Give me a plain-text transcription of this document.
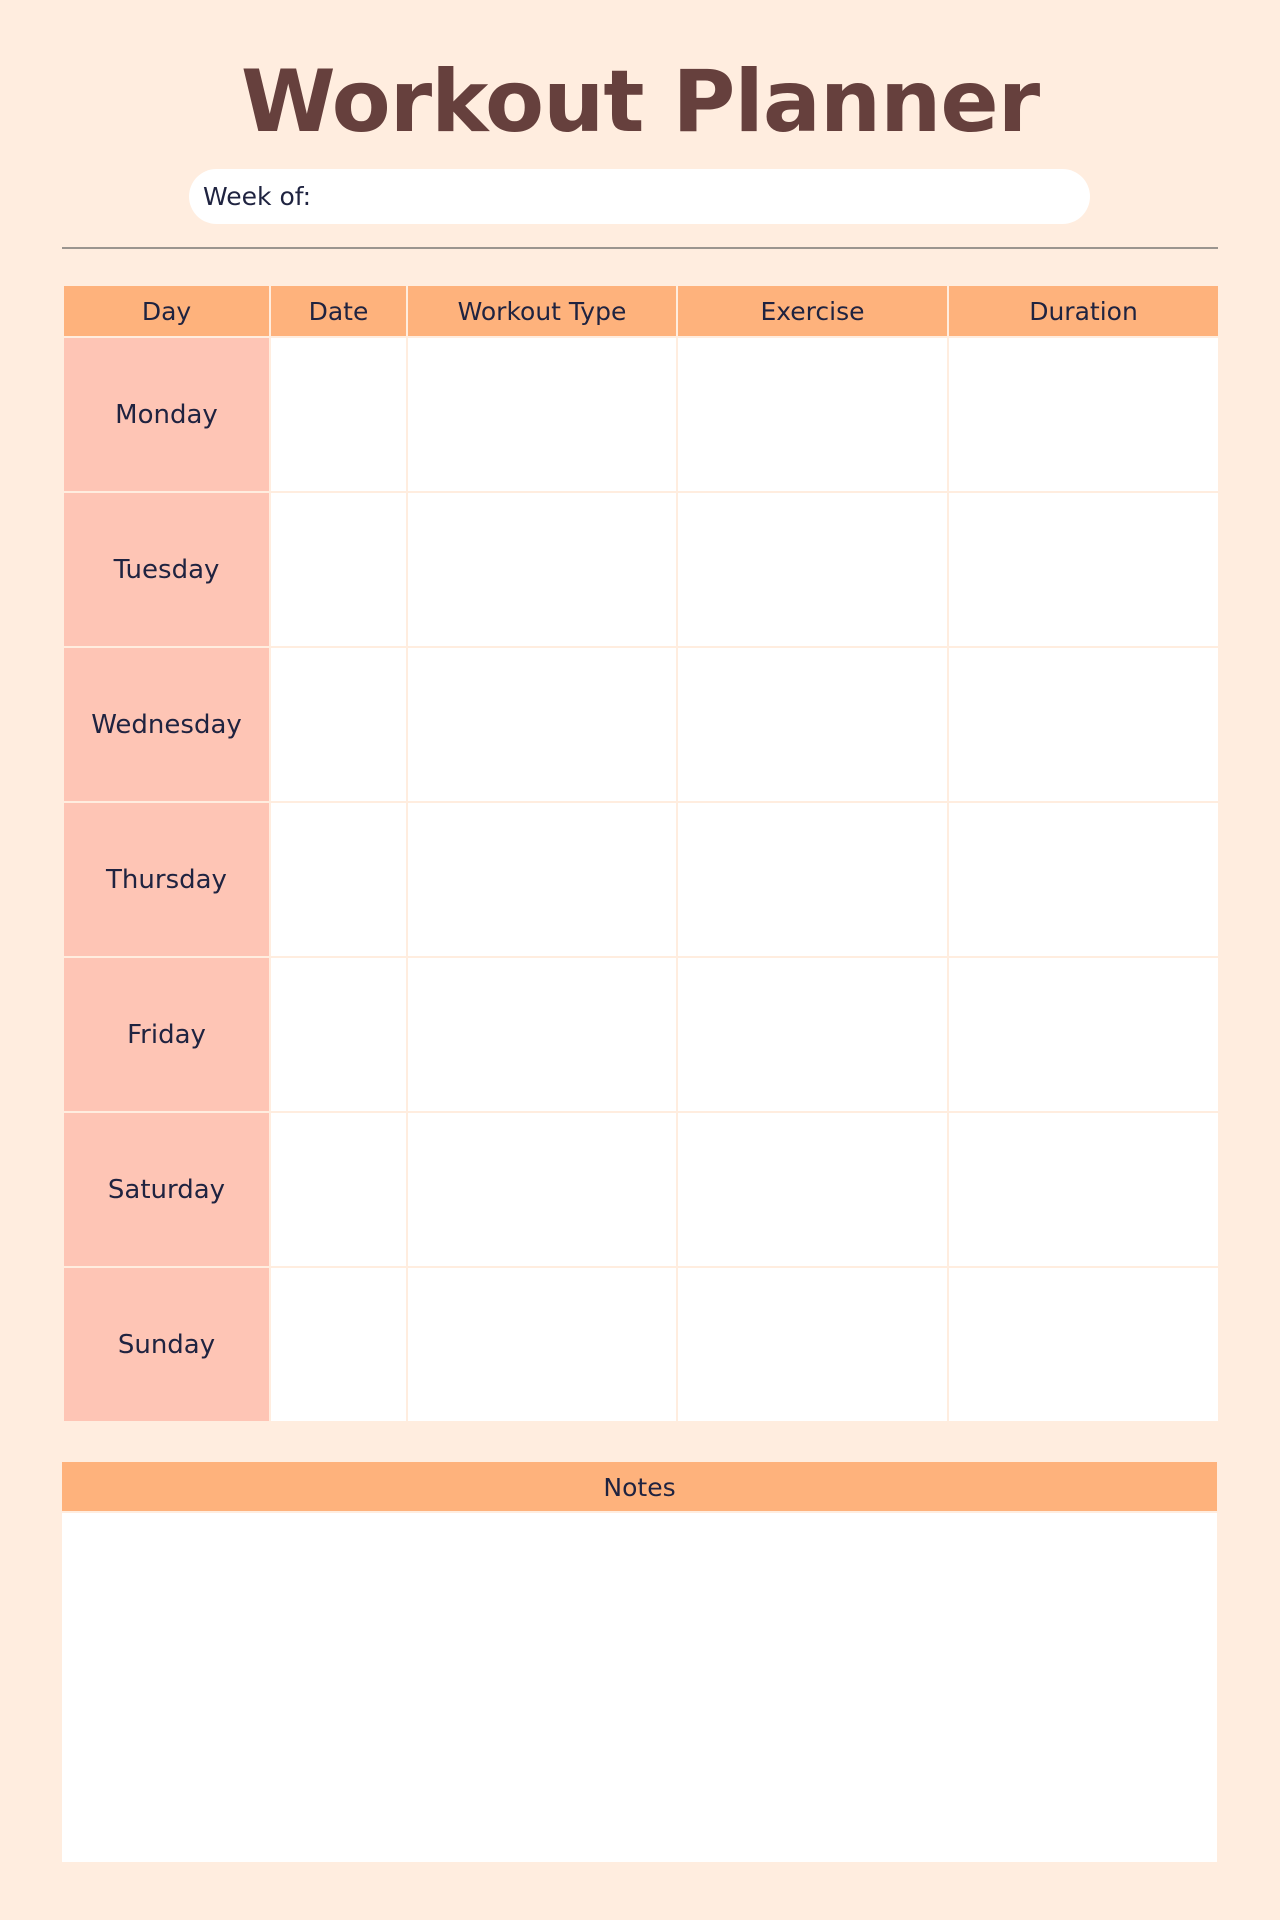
Workout Planner
Week of:
Day	Date	Workout Type	Exercise	Duration
Monday				
Tuesday				
Wednesday				
Thursday				
Friday				
Saturday				
Sunday				
Notes
